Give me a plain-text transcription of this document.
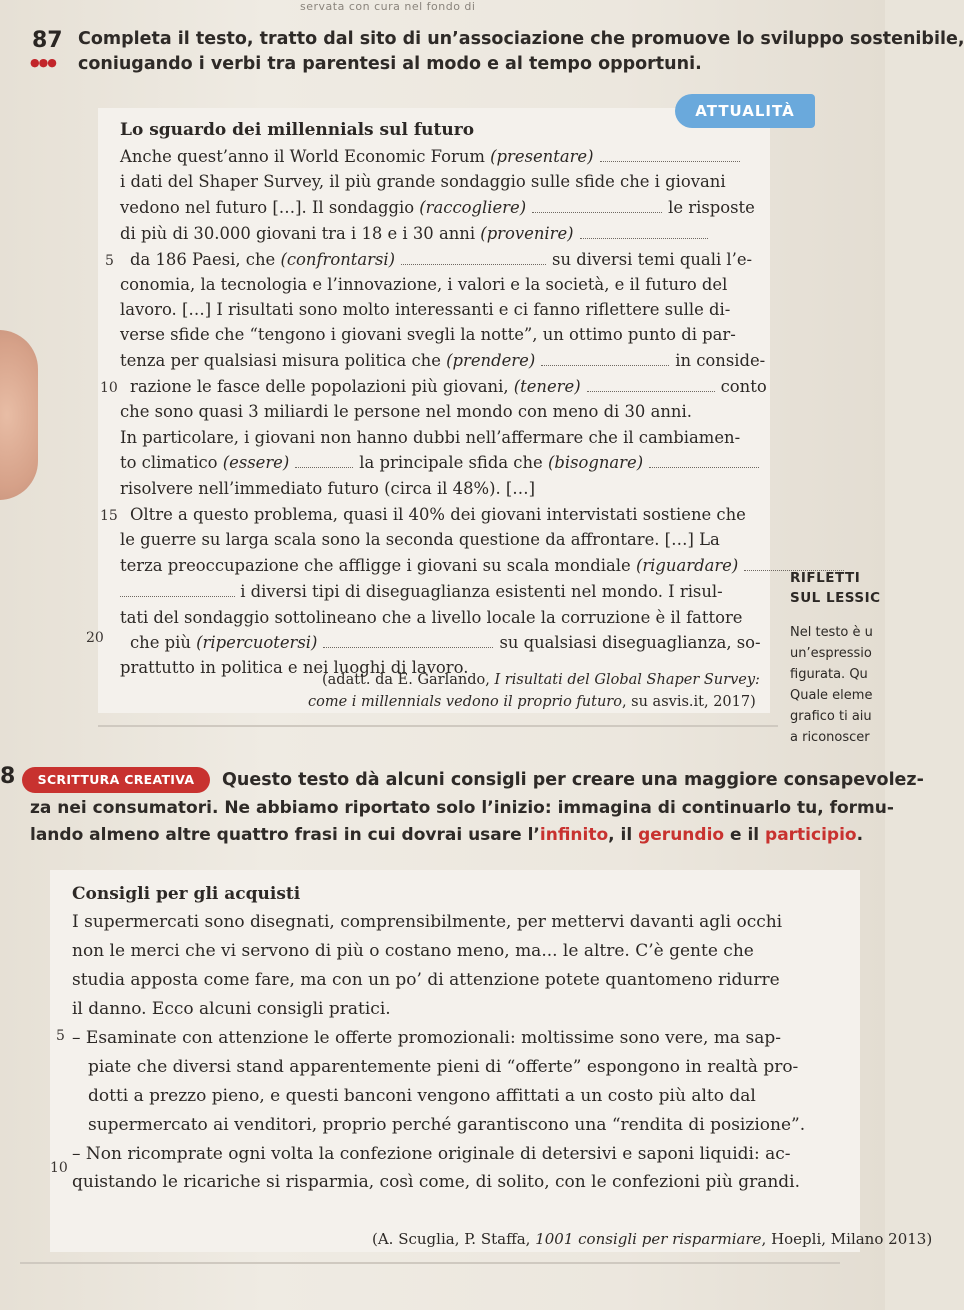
servata con cura nel fondo di
87
●●●
Completa il testo, tratto dal sito di un’associazione che promuove lo sviluppo sostenibile,
coniugando i verbi tra parentesi al modo e al tempo opportuni.
ATTUALITÀ
Lo sguardo dei millennials sul futuro
Anche quest’anno il World Economic Forum (presentare)
i dati del Shaper Survey, il più grande sondaggio sulle sfide che i giovani
vedono nel futuro […]. Il sondaggio (raccogliere)	le risposte
di più di 30.000 giovani tra i 18 e i 30 anni (provenire)
da 186 Paesi, che (confrontarsi)	su diversi temi quali l’e-
conomia, la tecnologia e l’innovazione, i valori e la società, e il futuro del
lavoro. […] I risultati sono molto interessanti e ci fanno riflettere sulle di-
verse sfide che “tengono i giovani svegli la notte”, un ottimo punto di par-
tenza per qualsiasi misura politica che (prendere)	in conside-
razione le fasce delle popolazioni più giovani, (tenere)	conto
che sono quasi 3 miliardi le persone nel mondo con meno di 30 anni.
In particolare, i giovani non hanno dubbi nell’affermare che il cambiamen-
to climatico (essere)	la principale sfida che (bisognare)
risolvere nell’immediato futuro (circa il 48%). […]
Oltre a questo problema, quasi il 40% dei giovani intervistati sostiene che
le guerre su larga scala sono la seconda questione da affrontare. […] La
terza preoccupazione che affligge i giovani su scala mondiale (riguardare)
i diversi tipi di diseguaglianza esistenti nel mondo. I risul-
tati del sondaggio sottolineano che a livello locale la corruzione è il fattore
che più (ripercuotersi)	su qualsiasi diseguaglianza, so-
prattutto in politica e nei luoghi di lavoro.
5
10
15
20
(adatt. da E. Garlando, I risultati del Global Shaper Survey:
come i millennials vedono il proprio futuro, su asvis.it, 2017)
RIFLETTI
SUL LESSIC
Nel testo è u
un’espressio
figurata. Qu
Quale eleme
grafico ti aiu
a riconoscer
8	SCRITTURA CREATIVA	Questo testo dà alcuni consigli per creare una maggiore consapevolez-
za nei consumatori. Ne abbiamo riportato solo l’inizio: immagina di continuarlo tu, formu-
lando almeno altre quattro frasi in cui dovrai usare l’infinito, il gerundio e il participio.
Consigli per gli acquisti
I supermercati sono disegnati, comprensibilmente, per mettervi davanti agli occhi
non le merci che vi servono di più o costano meno, ma... le altre. C’è gente che
studia apposta come fare, ma con un po’ di attenzione potete quantomeno ridurre
il danno. Ecco alcuni consigli pratici.
– Esaminate con attenzione le offerte promozionali: moltissime sono vere, ma sap-
piate che diversi stand apparentemente pieni di “offerte” espongono in realtà pro-
dotti a prezzo pieno, e questi banconi vengono affittati a un costo più alto dal
supermercato ai venditori, proprio perché garantiscono una “rendita di posizione”.
– Non ricomprate ogni volta la confezione originale di detersivi e saponi liquidi: ac-
quistando le ricariche si risparmia, così come, di solito, con le confezioni più grandi.
5
10
(A. Scuglia, P. Staffa, 1001 consigli per risparmiare, Hoepli, Milano 2013)
